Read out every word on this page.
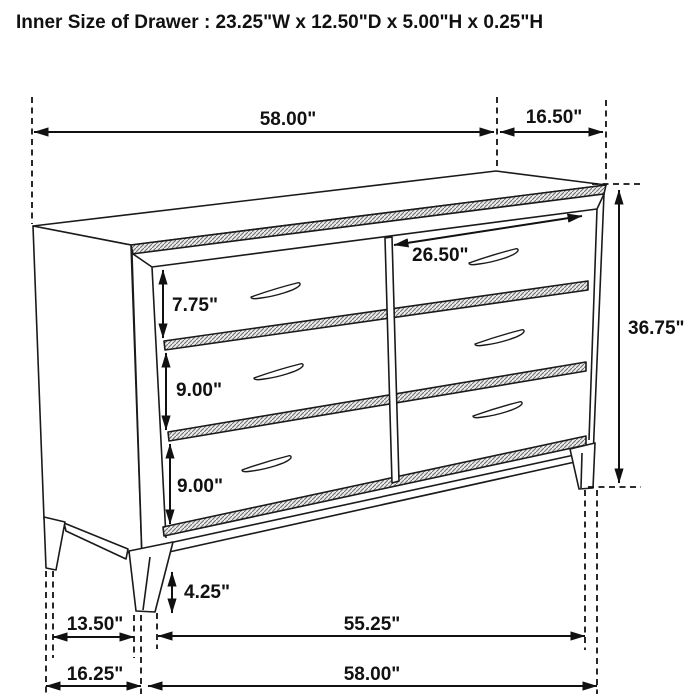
Inner Size of Drawer : 23.25"W x 12.50"D x 5.00"H x 0.25"H
58.00"	16.50"
36.75"
26.50"
7.75"
9.00"
9.00"
4.25"
13.50"	55.25"
16.25"	58.00"
